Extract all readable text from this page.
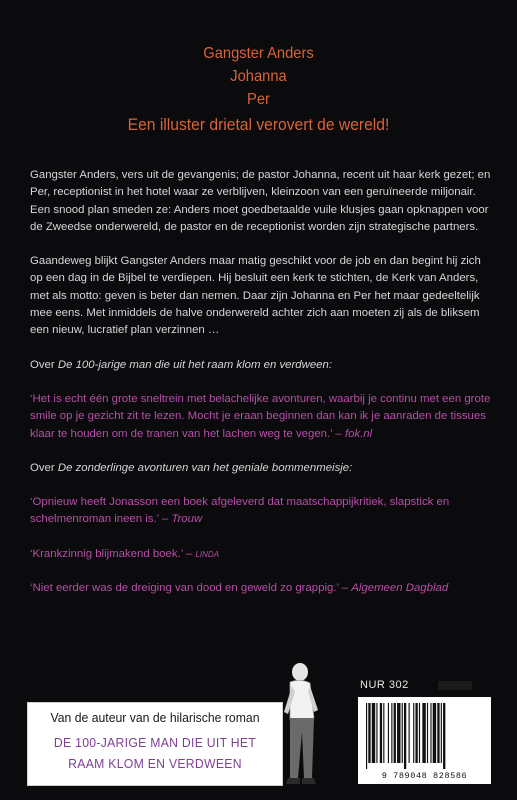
Gangster Anders
Johanna
Per
Een illuster drietal verovert de wereld!

Gangster Anders, vers uit de gevangenis; de pastor Johanna, recent uit haar kerk gezet; en Per, receptionist in het hotel waar ze verblijven, kleinzoon van een geruïneerde miljonair. Een snood plan smeden ze: Anders moet goedbetaalde vuile klusjes gaan opknappen voor de Zweedse onderwereld, de pastor en de receptionist worden zijn strategische partners.

Gaandeweg blijkt Gangster Anders maar matig geschikt voor de job en dan begint hij zich op een dag in de Bijbel te verdiepen. Hij besluit een kerk te stichten, de Kerk van Anders, met als motto: geven is beter dan nemen. Daar zijn Johanna en Per het maar gedeeltelijk mee eens. Met inmiddels de halve onderwereld achter zich aan moeten zij als de bliksem een nieuw, lucratief plan verzinnen …

Over De 100-jarige man die uit het raam klom en verdween:

‘Het is echt één grote sneltrein met belachelijke avonturen, waarbij je continu met een grote smile op je gezicht zit te lezen. Mocht je eraan beginnen dan kan ik je aanraden de tissues klaar te houden om de tranen van het lachen weg te vegen.’ – fok.nl

Over De zonderlinge avonturen van het geniale bommenmeisje:

‘Opnieuw heeft Jonasson een boek afgeleverd dat maatschappijkritiek, slapstick en schelmenroman ineen is.’ – Trouw

‘Krankzinnig blijmakend boek.’ – LINDA

‘Niet eerder was de dreiging van dood en geweld zo grappig.’ – Algemeen Dagblad

Van de auteur van de hilarische roman
DE 100-JARIGE MAN DIE UIT HET
RAAM KLOM EN VERDWEEN
NUR 302
9 789048 828586
